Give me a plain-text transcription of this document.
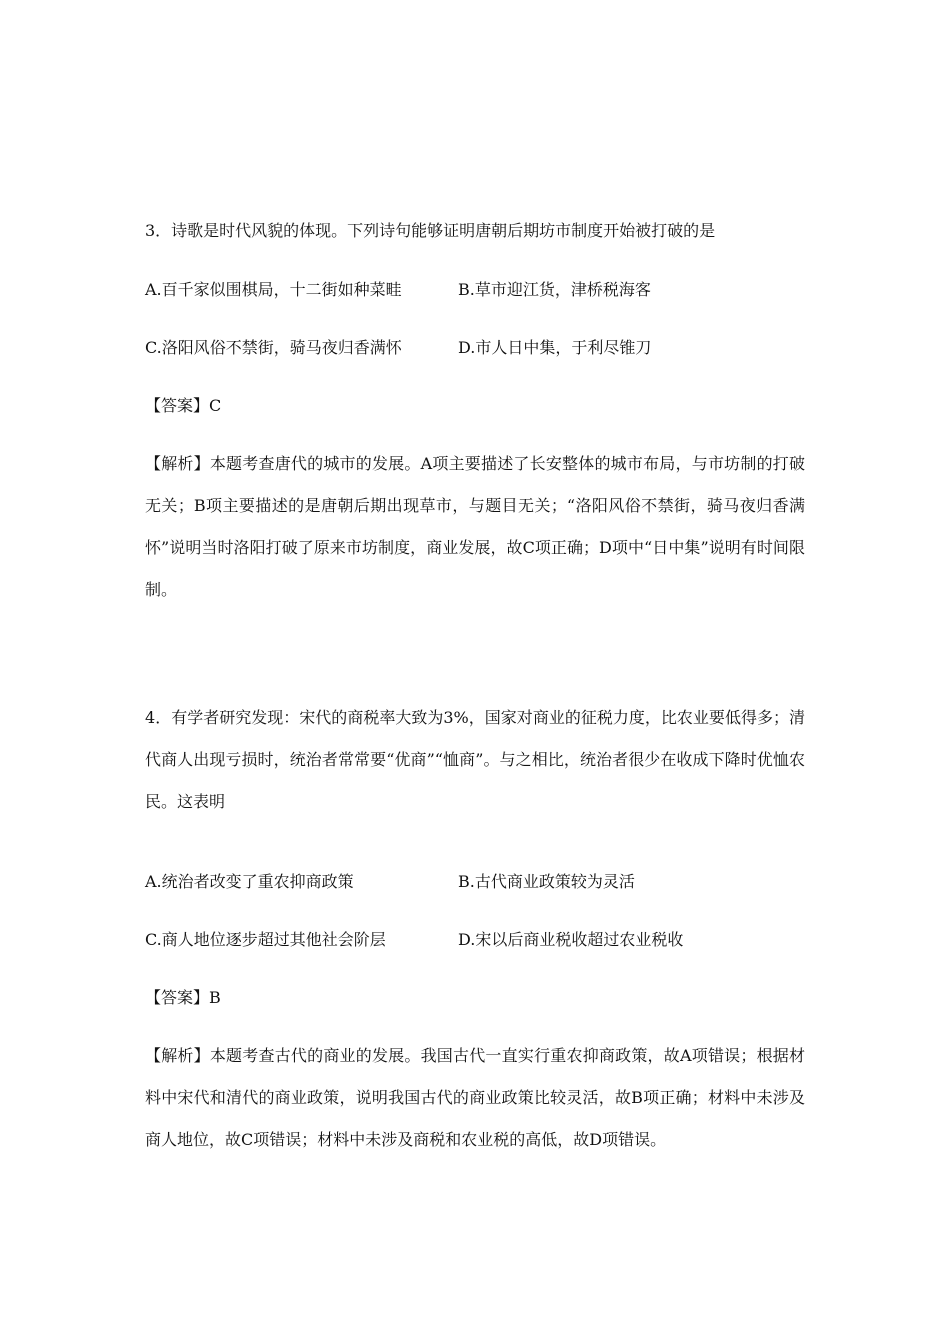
3．诗歌是时代风貌的体现。下列诗句能够证明唐朝后期坊市制度开始被打破的是
A.百千家似围棋局，十二街如种菜畦	B.草市迎江货，津桥税海客
C.洛阳风俗不禁街，骑马夜归香满怀	D.市人日中集，于利尽锥刀
【答案】C
【解析】本题考查唐代的城市的发展。A项主要描述了长安整体的城市布局，与市坊制的打破无关；B项主要描述的是唐朝后期出现草市，与题目无关；“洛阳风俗不禁街，骑马夜归香满怀”说明当时洛阳打破了原来市坊制度，商业发展，故C项正确；D项中“日中集”说明有时间限制。
4．有学者研究发现：宋代的商税率大致为3%，国家对商业的征税力度，比农业要低得多；清代商人出现亏损时，统治者常常要“优商”“恤商”。与之相比，统治者很少在收成下降时优恤农民。这表明
A.统治者改变了重农抑商政策	B.古代商业政策较为灵活
C.商人地位逐步超过其他社会阶层	D.宋以后商业税收超过农业税收
【答案】B
【解析】本题考查古代的商业的发展。我国古代一直实行重农抑商政策，故A项错误；根据材料中宋代和清代的商业政策，说明我国古代的商业政策比较灵活，故B项正确；材料中未涉及商人地位，故C项错误；材料中未涉及商税和农业税的高低，故D项错误。
